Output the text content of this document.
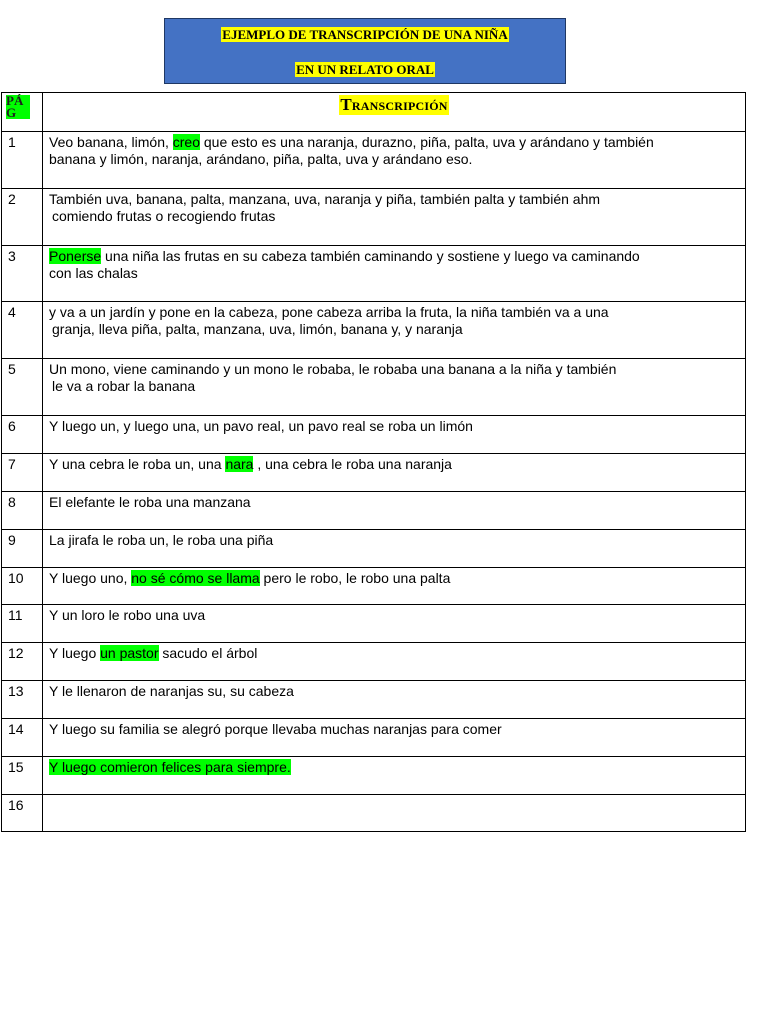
EJEMPLO DE TRANSCRIPCIÓN DE UNA NIÑA
EN UN RELATO ORAL
PÁG	Transcripción
1	Veo banana, limón, creo que esto es una naranja, durazno, piña, palta, uva y arándano y también
banana y limón, naranja, arándano, piña, palta, uva y arándano eso.
2	También uva, banana, palta, manzana, uva, naranja y piña, también palta y también ahm
comiendo frutas o recogiendo frutas
3	Ponerse una niña las frutas en su cabeza también caminando y sostiene y luego va caminando
con las chalas
4	y va a un jardín y pone en la cabeza, pone cabeza arriba la fruta, la niña también va a una
granja, lleva piña, palta, manzana, uva, limón, banana y, y naranja
5	Un mono, viene caminando y un mono le robaba, le robaba una banana a la niña y también
le va a robar la banana
6	Y luego un, y luego una, un pavo real, un pavo real se roba un limón
7	Y una cebra le roba un, una nara , una cebra le roba una naranja
8	El elefante le roba una manzana
9	La jirafa le roba un, le roba una piña
10	Y luego uno, no sé cómo se llama pero le robo, le robo una palta
11	Y un loro le robo una uva
12	Y luego un pastor sacudo el árbol
13	Y le llenaron de naranjas su, su cabeza
14	Y luego su familia se alegró porque llevaba muchas naranjas para comer
15	Y luego comieron felices para siempre.
16	
